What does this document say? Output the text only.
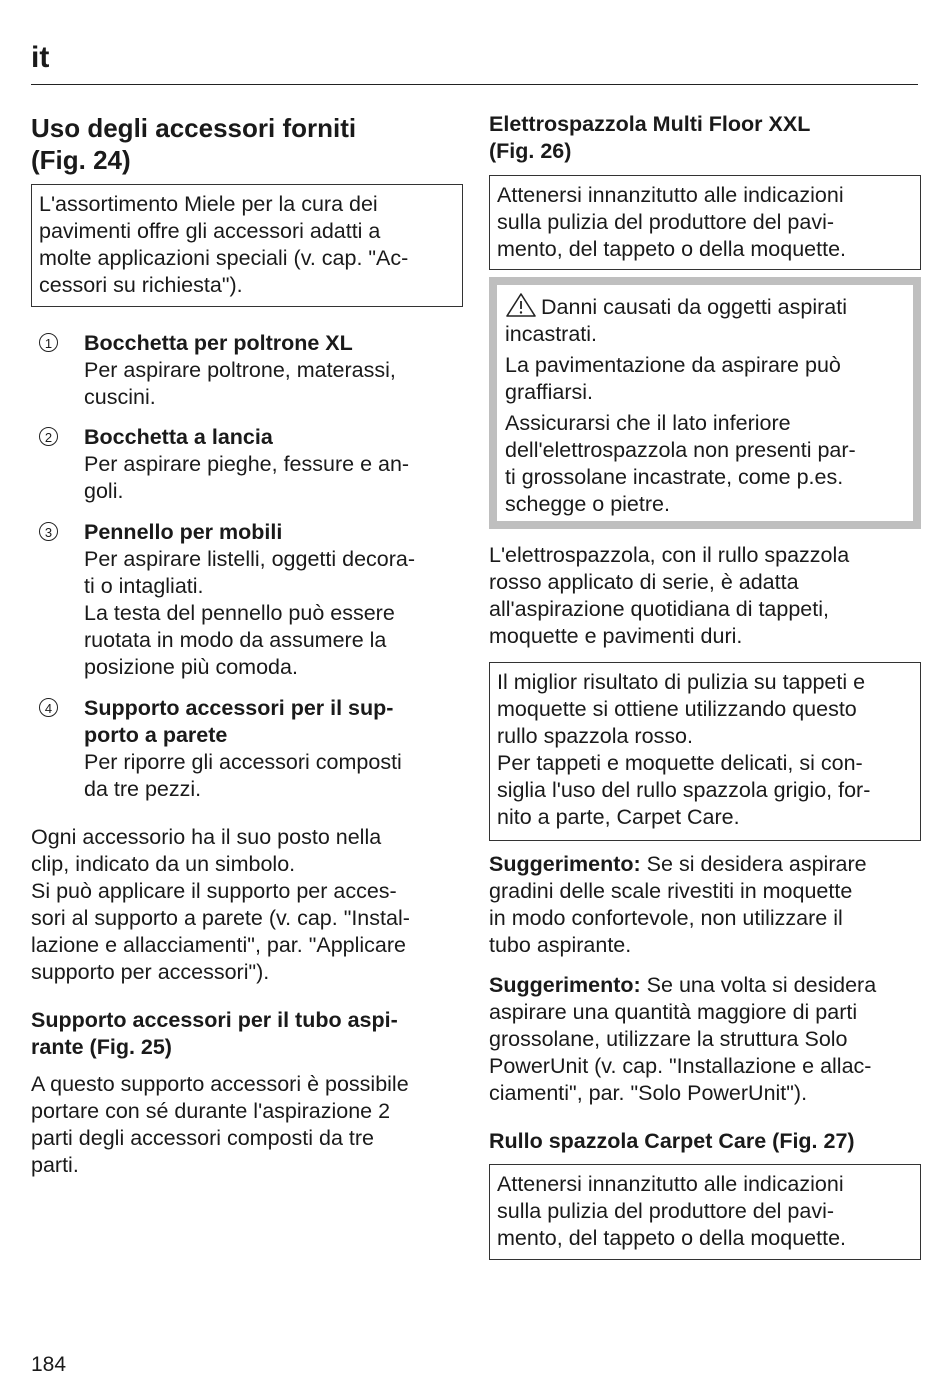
it
Uso degli accessori forniti
(Fig. 24)
L'assortimento Miele per la cura dei
pavimenti offre gli accessori adatti a
molte applicazioni speciali (v. cap. "Ac-
cessori su richiesta").
1 Bocchetta per poltrone XL
Per aspirare poltrone, materassi,
cuscini.
2 Bocchetta a lancia
Per aspirare pieghe, fessure e an-
goli.
3 Pennello per mobili
Per aspirare listelli, oggetti decora-
ti o intagliati.
La testa del pennello può essere
ruotata in modo da assumere la
posizione più comoda.
4 Supporto accessori per il sup-
porto a parete
Per riporre gli accessori composti
da tre pezzi.
Ogni accessorio ha il suo posto nella
clip, indicato da un simbolo.
Si può applicare il supporto per acces-
sori al supporto a parete (v. cap. "Instal-
lazione e allacciamenti", par. "Applicare
supporto per accessori").
Supporto accessori per il tubo aspi-
rante (Fig. 25)
A questo supporto accessori è possibile
portare con sé durante l'aspirazione 2
parti degli accessori composti da tre
parti.
Elettrospazzola Multi Floor XXL
(Fig. 26)
Attenersi innanzitutto alle indicazioni
sulla pulizia del produttore del pavi-
mento, del tappeto o della moquette.
Danni causati da oggetti aspirati
incastrati.
La pavimentazione da aspirare può
graffiarsi.
Assicurarsi che il lato inferiore
dell'elettrospazzola non presenti par-
ti grossolane incastrate, come p.es.
schegge o pietre.
L'elettrospazzola, con il rullo spazzola
rosso applicato di serie, è adatta
all'aspirazione quotidiana di tappeti,
moquette e pavimenti duri.
Il miglior risultato di pulizia su tappeti e
moquette si ottiene utilizzando questo
rullo spazzola rosso.
Per tappeti e moquette delicati, si con-
siglia l'uso del rullo spazzola grigio, for-
nito a parte, Carpet Care.
Suggerimento: Se si desidera aspirare
gradini delle scale rivestiti in moquette
in modo confortevole, non utilizzare il
tubo aspirante.
Suggerimento: Se una volta si desidera
aspirare una quantità maggiore di parti
grossolane, utilizzare la struttura Solo
PowerUnit (v. cap. "Installazione e allac-
ciamenti", par. "Solo PowerUnit").
Rullo spazzola Carpet Care (Fig. 27)
Attenersi innanzitutto alle indicazioni
sulla pulizia del produttore del pavi-
mento, del tappeto o della moquette.
184
